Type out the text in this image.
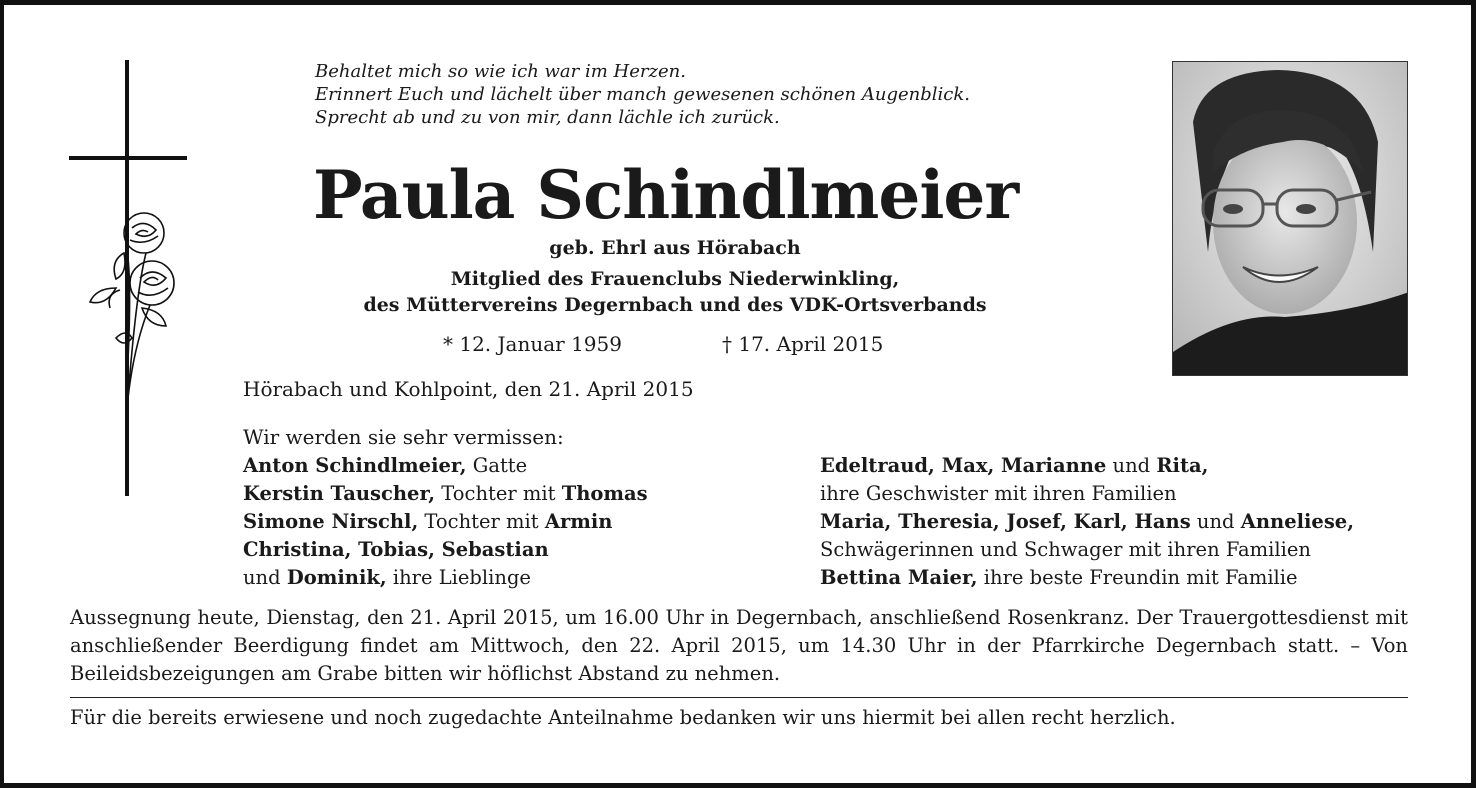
Behaltet mich so wie ich war im Herzen.
Erinnert Euch und lächelt über manch gewesenen schönen Augenblick.
Sprecht ab und zu von mir, dann lächle ich zurück.
Paula Schindlmeier
geb. Ehrl aus Hörabach
Mitglied des Frauenclubs Niederwinkling,
des Müttervereins Degernbach und des VDK-Ortsverbands
* 12. Januar 1959	† 17. April 2015
Hörabach und Kohlpoint, den 21. April 2015
Wir werden sie sehr vermissen:
Anton Schindlmeier, Gatte
Kerstin Tauscher, Tochter mit Thomas
Simone Nirschl, Tochter mit Armin
Christina, Tobias, Sebastian
und Dominik, ihre Lieblinge
Edeltraud, Max, Marianne und Rita,
ihre Geschwister mit ihren Familien
Maria, Theresia, Josef, Karl, Hans und Anneliese,
Schwägerinnen und Schwager mit ihren Familien
Bettina Maier, ihre beste Freundin mit Familie
Aussegnung heute, Dienstag, den 21. April 2015, um 16.00 Uhr in Degernbach, anschließend Rosenkranz. Der Trauergottesdienst mit anschließender Beerdigung findet am Mittwoch, den 22. April 2015, um 14.30 Uhr in der Pfarrkirche Degernbach statt. – Von Beileidsbezeigungen am Grabe bitten wir höflichst Abstand zu nehmen.
Für die bereits erwiesene und noch zugedachte Anteilnahme bedanken wir uns hiermit bei allen recht herzlich.
